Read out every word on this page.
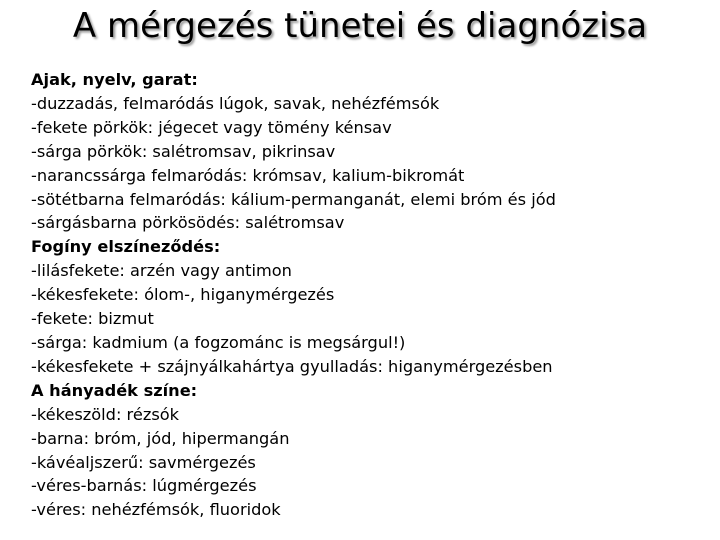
A mérgezés tünetei és diagnózisa
Ajak, nyelv, garat:
-duzzadás, felmaródás lúgok, savak, nehézfémsók
-fekete pörkök: jégecet vagy tömény kénsav
-sárga pörkök: salétromsav, pikrinsav
-narancssárga felmaródás: krómsav, kalium-bikromát
-sötétbarna felmaródás: kálium-permanganát, elemi bróm és jód
-sárgásbarna pörkösödés: salétromsav
Fogíny elszíneződés:
-lilásfekete: arzén vagy antimon
-kékesfekete: ólom-, higanymérgezés
-fekete: bizmut
-sárga: kadmium (a fogzománc is megsárgul!)
-kékesfekete + szájnyálkahártya gyulladás: higanymérgezésben
A hányadék színe:
-kékeszöld: rézsók
-barna: bróm, jód, hipermangán
-kávéaljszerű: savmérgezés
-véres-barnás: lúgmérgezés
-véres: nehézfémsók, fluoridok
